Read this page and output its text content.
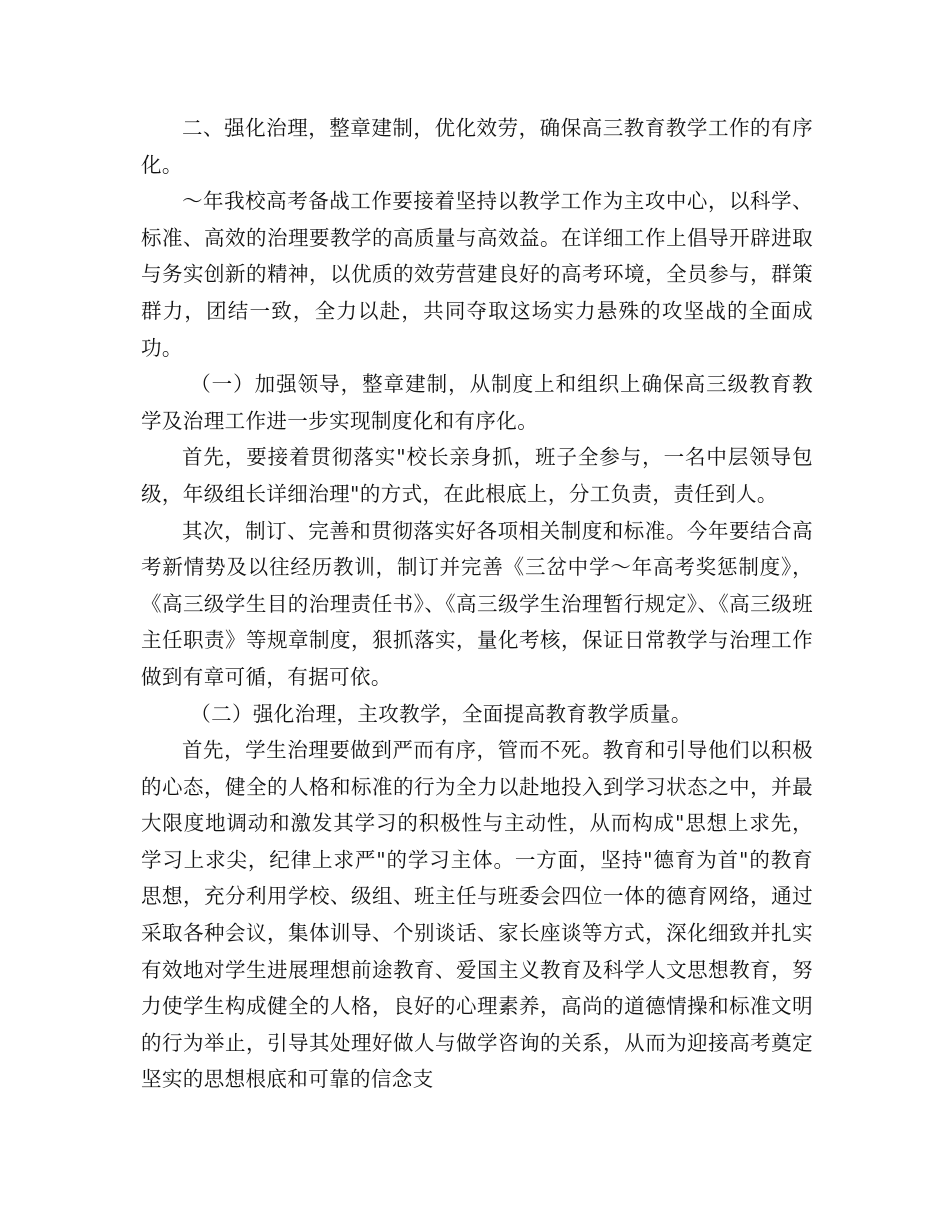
二、强化治理，整章建制，优化效劳，确保高三教育教学工作的有序化。

～年我校高考备战工作要接着坚持以教学工作为主攻中心，以科学、标准、高效的治理要教学的高质量与高效益。在详细工作上倡导开辟进取与务实创新的精神，以优质的效劳营建良好的高考环境，全员参与，群策群力，团结一致，全力以赴，共同夺取这场实力悬殊的攻坚战的全面成功。

（一）加强领导，整章建制，从制度上和组织上确保高三级教育教学及治理工作进一步实现制度化和有序化。

首先，要接着贯彻落实"校长亲身抓，班子全参与，一名中层领导包级，年级组长详细治理"的方式，在此根底上，分工负责，责任到人。

其次，制订、完善和贯彻落实好各项相关制度和标准。今年要结合高考新情势及以往经历教训，制订并完善《三岔中学～年高考奖惩制度》，《高三级学生目的治理责任书》、《高三级学生治理暂行规定》、《高三级班主任职责》等规章制度，狠抓落实，量化考核，保证日常教学与治理工作做到有章可循，有据可依。

（二）强化治理，主攻教学，全面提高教育教学质量。

首先，学生治理要做到严而有序，管而不死。教育和引导他们以积极的心态，健全的人格和标准的行为全力以赴地投入到学习状态之中，并最大限度地调动和激发其学习的积极性与主动性，从而构成"思想上求先，学习上求尖，纪律上求严"的学习主体。一方面，坚持"德育为首"的教育思想，充分利用学校、级组、班主任与班委会四位一体的德育网络，通过采取各种会议，集体训导、个别谈话、家长座谈等方式，深化细致并扎实有效地对学生进展理想前途教育、爱国主义教育及科学人文思想教育，努力使学生构成健全的人格，良好的心理素养，高尚的道德情操和标准文明的行为举止，引导其处理好做人与做学咨询的关系，从而为迎接高考奠定坚实的思想根底和可靠的信念支
